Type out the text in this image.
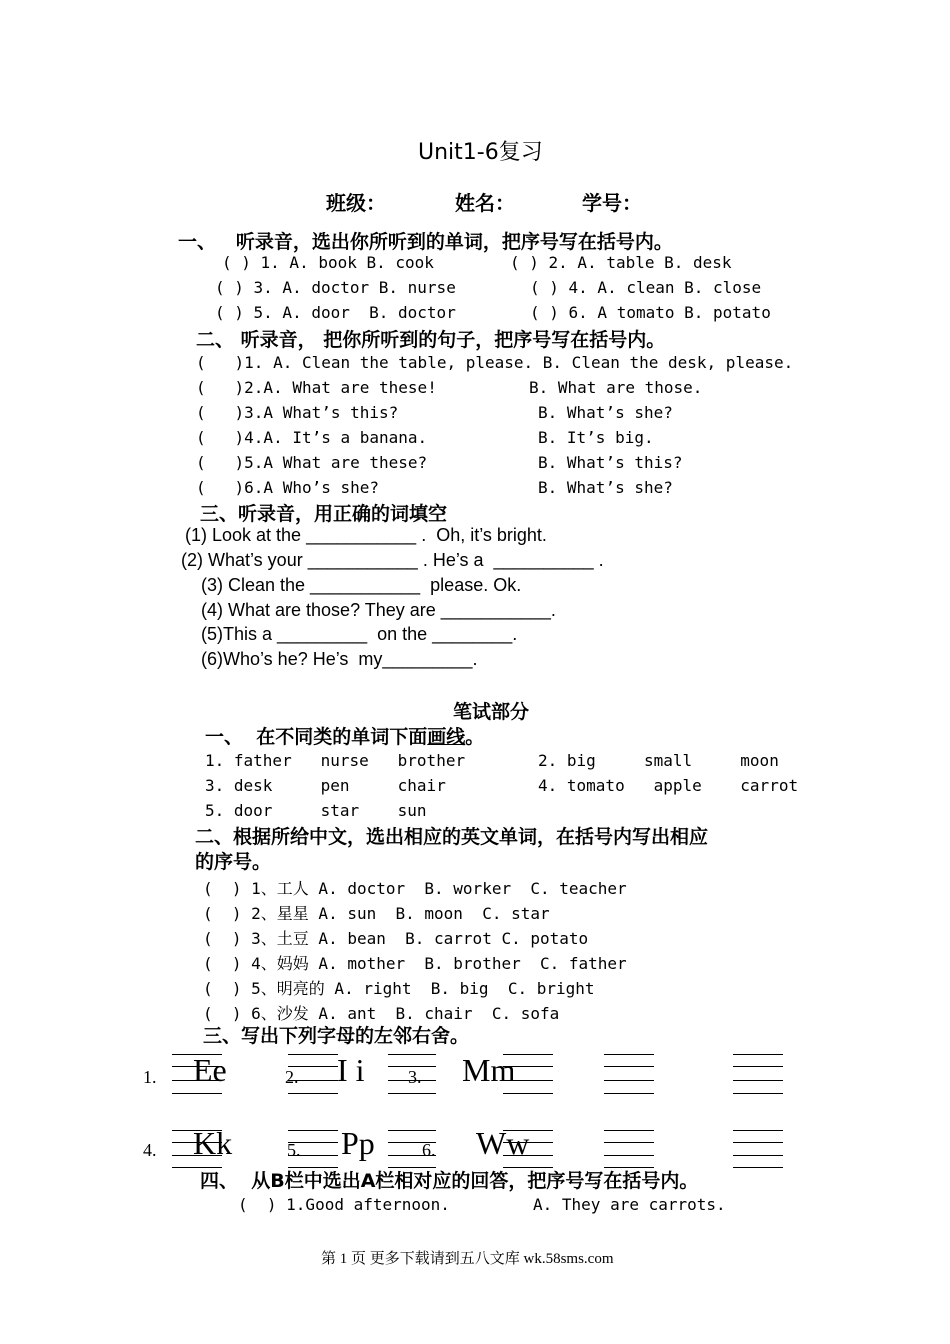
Unit1-6复习
班级：	姓名：	学号：
一、   听录音，选出你所听到的单词，把序号写在括号内。
( ) 1. A. book B. cook	( ) 2. A. table B. desk
( ) 3. A. doctor B. nurse	( ) 4. A. clean B. close
( ) 5. A. door  B. doctor	( ) 6. A tomato B. potato
二、 听录音， 把你所听到的句子，把序号写在括号内。
(   )1. A. Clean the table, please. B. Clean the desk, please.
(   )2.A. What are these!	B. What are those.
(   )3.A What’s this?	B. What’s she?
(   )4.A. It’s a banana.	B. It’s big.
(   )5.A What are these?	B. What’s this?
(   )6.A Who’s she?	B. What’s she?
三、听录音，用正确的词填空
(1) Look at the ___________ .  Oh, it’s bright.
(2) What’s your ___________ . He’s a  __________ .
(3) Clean the ___________  please. Ok.
(4) What are those? They are ___________.
(5)This a _________  on the ________.
(6)Who’s he? He’s  my_________.
笔试部分
一、  在不同类的单词下面画线。
1. father   nurse   brother	2. big     small     moon
3. desk     pen     chair	4. tomato   apple    carrot
5. door     star    sun
二、根据所给中文，选出相应的英文单词，在括号内写出相应
的序号。
(  ) 1、工人 A. doctor  B. worker  C. teacher
(  ) 2、星星 A. sun  B. moon  C. star
(  ) 3、土豆 A. bean  B. carrot C. potato
(  ) 4、妈妈 A. mother  B. brother  C. father
(  ) 5、明亮的 A. right  B. big  C. bright
(  ) 6、沙发 A. ant  B. chair  C. sofa
三、写出下列字母的左邻右舍。
1. Ee	2. I i 3. Mm
4. Kk	5. Pp	6. Ww
四、  从B栏中选出A栏相对应的回答，把序号写在括号内。
(  ) 1.Good afternoon.	A. They are carrots.
第 1 页 更多下载请到五八文库 wk.58sms.com
